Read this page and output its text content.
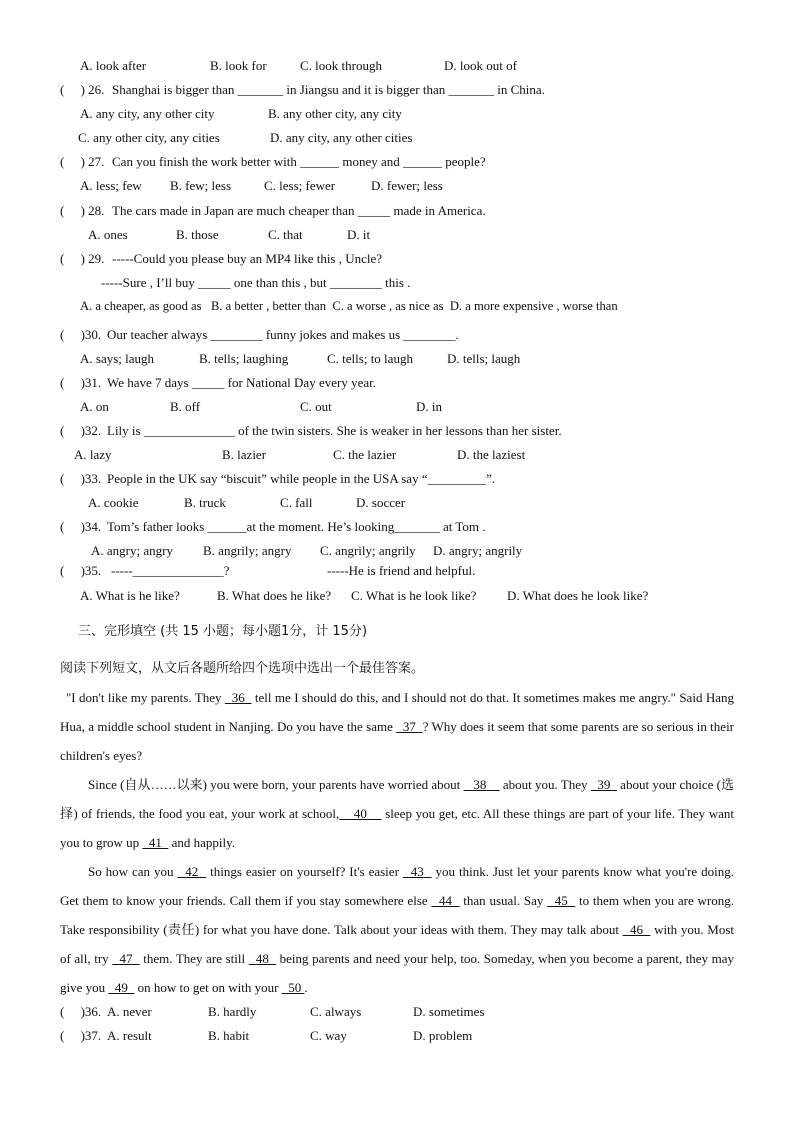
A. look after	B. look for	C. look through	D. look out of
(     ) 26. Shanghai is bigger than _______ in Jiangsu and it is bigger than _______ in China.
A. any city, any other city	B. any other city, any city
C. any other city, any cities	D. any city, any other cities
(     ) 27. Can you finish the work better with ______ money and ______ people?
A. less; few B. few; less	C. less; fewer	D. fewer; less
(     ) 28. The cars made in Japan are much cheaper than _____ made in America.
A. ones	B. those	C. that	D. it
(     ) 29. -----Could you please buy an MP4 like this , Uncle?
-----Sure , I’ll buy _____ one than this , but ________ this .
A. a cheaper, as good as   B. a better , better than  C. a worse , as nice as  D. a more expensive , worse than
(     )30. Our teacher always ________ funny jokes and makes us ________.
A. says; laugh	B. tells; laughing	C. tells; to laugh	D. tells; laugh
(     )31. We have 7 days _____ for National Day every year.
A. on	B. off	C. out	D. in
(     )32. Lily is ______________ of the twin sisters. She is weaker in her lessons than her sister.
A. lazy	B. lazier	C. the lazier	D. the laziest
(     )33. People in the UK say “biscuit” while people in the USA say “_________”.
A. cookie	B. truck	C. fall	D. soccer
(     )34. Tom’s father looks ______at the moment. He’s looking_______ at Tom .
A. angry; angry B. angrily; angry C. angrily; angrily D. angry; angrily
(     )35. -----______________?	-----He is friend and helpful.
A. What is he like?	B. What does he like? C. What is he look like? D. What does he look like?
三、完形填空 (共 15 小题；每小题1分，计 15分)
阅读下列短文，从文后各题所给四个选项中选出一个最佳答案。
"I don't like my parents. They   36   tell me I should do this, and I should not do that. It sometimes makes me angry." Said Hang Hua, a middle school student in Nanjing. Do you have the same   37 ? Why does it seem that some parents are so serious in their children's eyes?
Since (自从……以来) you were born, your parents have worried about    38     about you. They   39   about your choice (选择) of friends, the food you eat, your work at school, 40     sleep you get, etc. All these things are part of your life. They want you to grow up   41   and happily.
So how can you   42   things easier on yourself? It's easier   43   you think. Just let your parents know what you're doing. Get them to know your friends. Call them if you stay somewhere else   44   than usual. Say   45   to them when you are wrong. Take responsibility (责任) for what you have done. Talk about your ideas with them. They may talk about   46   with you. Most of all, try   47   them. They are still   48   being parents and need your help, too. Someday, when you become a parent, they may give you   49   on how to get on with your   50 .
(     )36. A. never	B. hardly	C. always	D. sometimes
(     )37. A. result	B. habit	C. way	D. problem
